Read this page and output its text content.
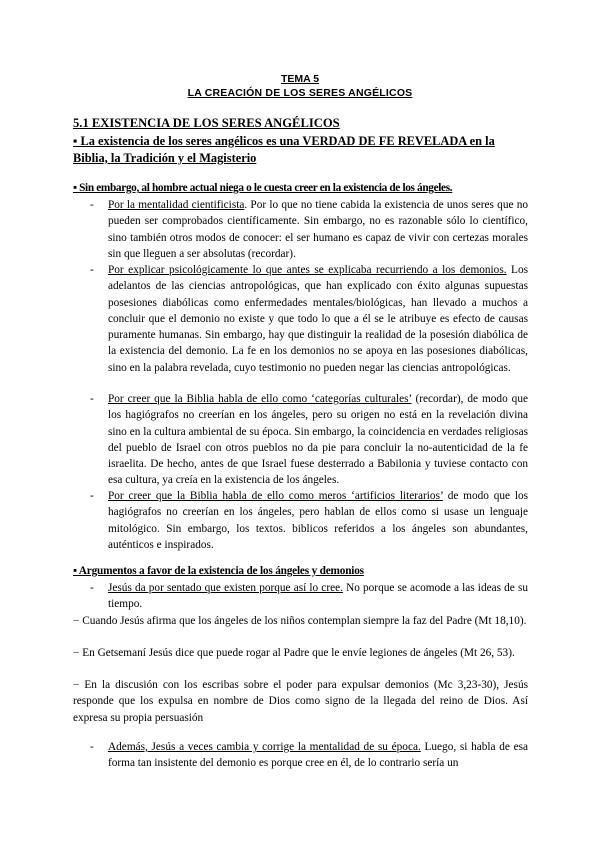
TEMA 5
LA CREACIÓN DE LOS SERES ANGÉLICOS
5.1 EXISTENCIA DE LOS SERES ANGÉLICOS
▪ La existencia de los seres angélicos es una VERDAD DE FE REVELADA en la Biblia, la Tradición y el Magisterio
▪ Sin embargo, al hombre actual niega o le cuesta creer en la existencia de los ángeles.
- Por la mentalidad cientificista. Por lo que no tiene cabida la existencia de unos seres que no pueden ser comprobados científicamente. Sin embargo, no es razonable sólo lo científico, sino también otros modos de conocer: el ser humano es capaz de vivir con certezas morales sin que lleguen a ser absolutas (recordar).
- Por explicar psicológicamente lo que antes se explicaba recurriendo a los demonios. Los adelantos de las ciencias antropológicas, que han explicado con éxito algunas supuestas posesiones diabólicas como enfermedades mentales/biológicas, han llevado a muchos a concluir que el demonio no existe y que todo lo que a él se le atribuye es efecto de causas puramente humanas. Sin embargo, hay que distinguir la realidad de la posesión diabólica de la existencia del demonio. La fe en los demonios no se apoya en las posesiones diabólicas, sino en la palabra revelada, cuyo testimonio no pueden negar las ciencias antropológicas.
- Por creer que la Biblia habla de ello como ‘categorías culturales’ (recordar), de modo que los hagiógrafos no creerían en los ángeles, pero su origen no está en la revelación divina sino en la cultura ambiental de su época. Sin embargo, la coincidencia en verdades religiosas del pueblo de Israel con otros pueblos no da pie para concluir la no-autenticidad de la fe israelita. De hecho, antes de que Israel fuese desterrado a Babilonia y tuviese contacto con esa cultura, ya creía en la existencia de los ángeles.
- Por creer que la Biblia habla de ello como meros ‘artificios literarios’ de modo que los hagiógrafos no creerían en los ángeles, pero hablan de ellos como si usase un lenguaje mitológico. Sin embargo, los textos. biblicos referidos a los ángeles son abundantes, auténticos e inspirados.
▪ Argumentos a favor de la existencia de los ángeles y demonios
- Jesús da por sentado que existen porque así lo cree. No porque se acomode a las ideas de su tiempo.
− Cuando Jesús afirma que los ángeles de los niños contemplan siempre la faz del Padre (Mt 18,10).
− En Getsemaní Jesús dice que puede rogar al Padre que le envíe legiones de ángeles (Mt 26, 53).
− En la discusión con los escribas sobre el poder para expulsar demonios (Mc 3,23-30), Jesús responde que los expulsa en nombre de Dios como signo de la llegada del reino de Dios. Así expresa su propia persuasión
- Además, Jesús a veces cambia y corrige la mentalidad de su época. Luego, si habla de esa forma tan insistente del demonio es porque cree en él, de lo contrario sería un
